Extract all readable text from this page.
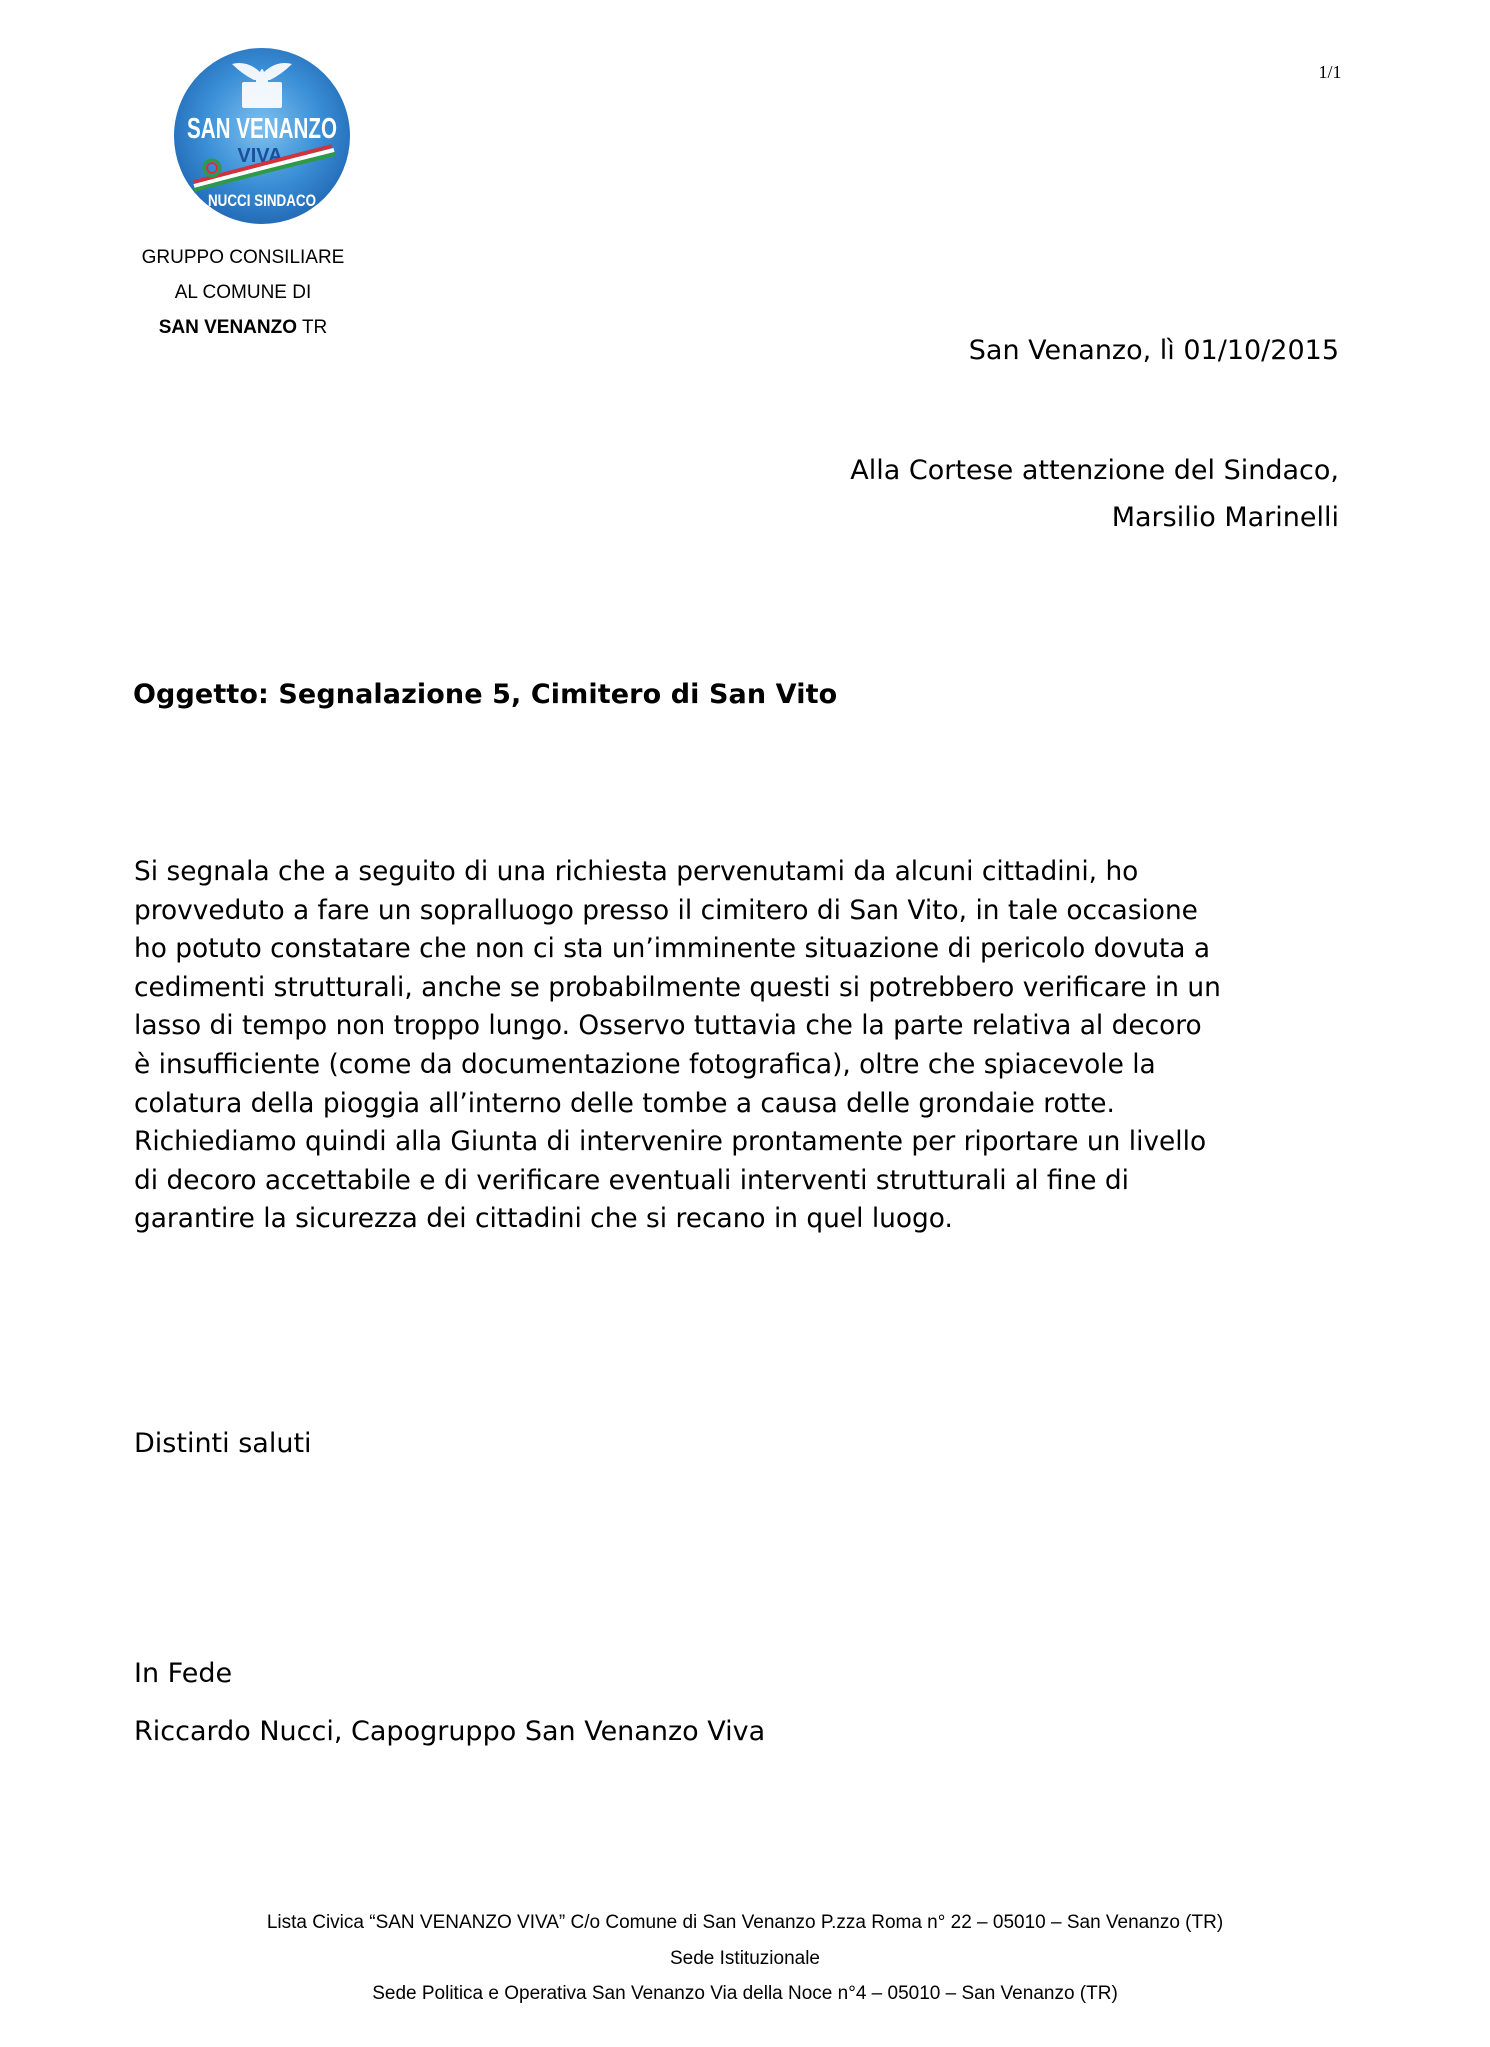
1/1
SAN VENANZO
VIVA
NUCCI SINDACO
GRUPPO CONSILIARE
AL COMUNE DI
SAN VENANZO TR
San Venanzo, lì 01/10/2015
Alla Cortese attenzione del Sindaco,
Marsilio Marinelli
Oggetto: Segnalazione 5, Cimitero di San Vito
Si segnala che a seguito di una richiesta pervenutami da alcuni cittadini, ho
provveduto a fare un sopralluogo presso il cimitero di San Vito, in tale occasione
ho potuto constatare che non ci sta un’imminente situazione di pericolo dovuta a
cedimenti strutturali, anche se probabilmente questi si potrebbero verificare in un
lasso di tempo non troppo lungo. Osservo tuttavia che la parte relativa al decoro
è insufficiente (come da documentazione fotografica), oltre che spiacevole la
colatura della pioggia all’interno delle tombe a causa delle grondaie rotte.
Richiediamo quindi alla Giunta di intervenire prontamente per riportare un livello
di decoro accettabile e di verificare eventuali interventi strutturali al fine di
garantire la sicurezza dei cittadini che si recano in quel luogo.
Distinti saluti
In Fede
Riccardo Nucci, Capogruppo San Venanzo Viva
Lista Civica “SAN VENANZO VIVA” C/o Comune di San Venanzo P.zza Roma n° 22 – 05010 – San Venanzo (TR)
Sede Istituzionale
Sede Politica e Operativa San Venanzo Via della Noce n°4 – 05010 – San Venanzo (TR)
